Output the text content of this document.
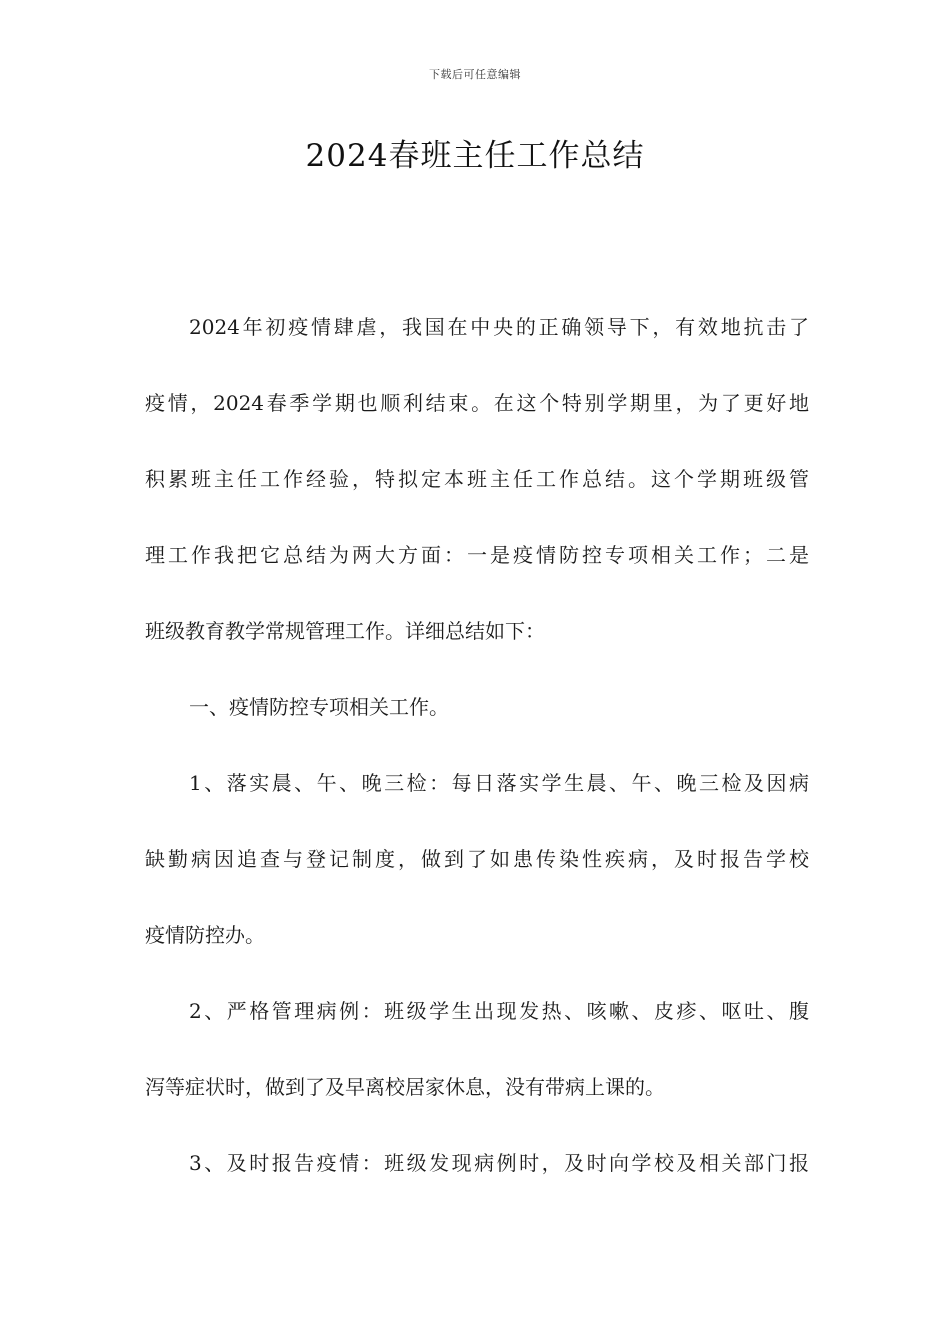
下载后可任意编辑
2024春班主任工作总结
2024年初疫情肆虐，我国在中央的正确领导下，有效地抗击了
疫情，2024春季学期也顺利结束。在这个特别学期里，为了更好地
积累班主任工作经验，特拟定本班主任工作总结。这个学期班级管
理工作我把它总结为两大方面：一是疫情防控专项相关工作；二是
班级教育教学常规管理工作。详细总结如下：
一、疫情防控专项相关工作。
1、落实晨、午、晚三检：每日落实学生晨、午、晚三检及因病
缺勤病因追查与登记制度，做到了如患传染性疾病，及时报告学校
疫情防控办。
2、严格管理病例：班级学生出现发热、咳嗽、皮疹、呕吐、腹
泻等症状时，做到了及早离校居家休息，没有带病上课的。
3、及时报告疫情：班级发现病例时，及时向学校及相关部门报
